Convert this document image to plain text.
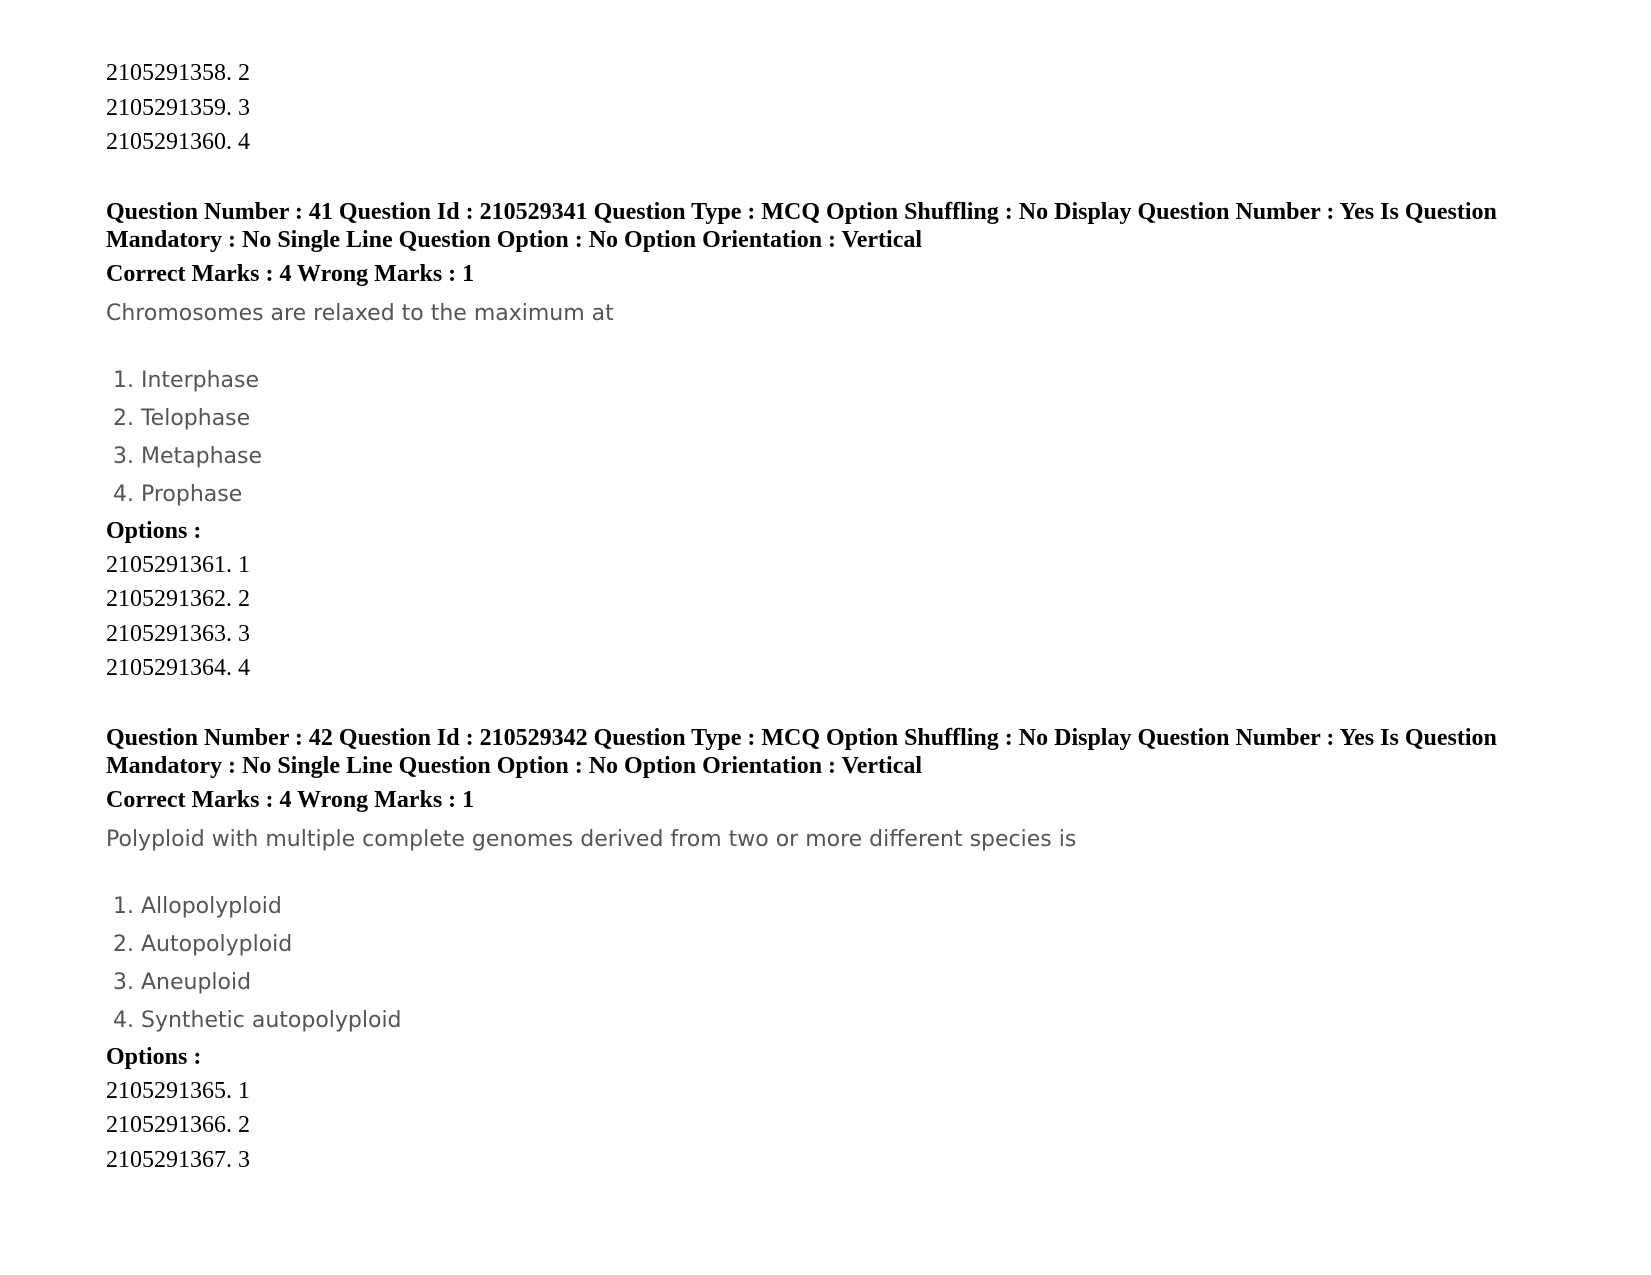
2105291358. 2
2105291359. 3
2105291360. 4
Question Number : 41 Question Id : 210529341 Question Type : MCQ Option Shuffling : No Display Question Number : Yes Is Question Mandatory : No Single Line Question Option : No Option Orientation : Vertical
Correct Marks : 4 Wrong Marks : 1
Chromosomes are relaxed to the maximum at
1. Interphase
2. Telophase
3. Metaphase
4. Prophase
Options :
2105291361. 1
2105291362. 2
2105291363. 3
2105291364. 4
Question Number : 42 Question Id : 210529342 Question Type : MCQ Option Shuffling : No Display Question Number : Yes Is Question Mandatory : No Single Line Question Option : No Option Orientation : Vertical
Correct Marks : 4 Wrong Marks : 1
Polyploid with multiple complete genomes derived from two or more different species is
1. Allopolyploid
2. Autopolyploid
3. Aneuploid
4. Synthetic autopolyploid
Options :
2105291365. 1
2105291366. 2
2105291367. 3
